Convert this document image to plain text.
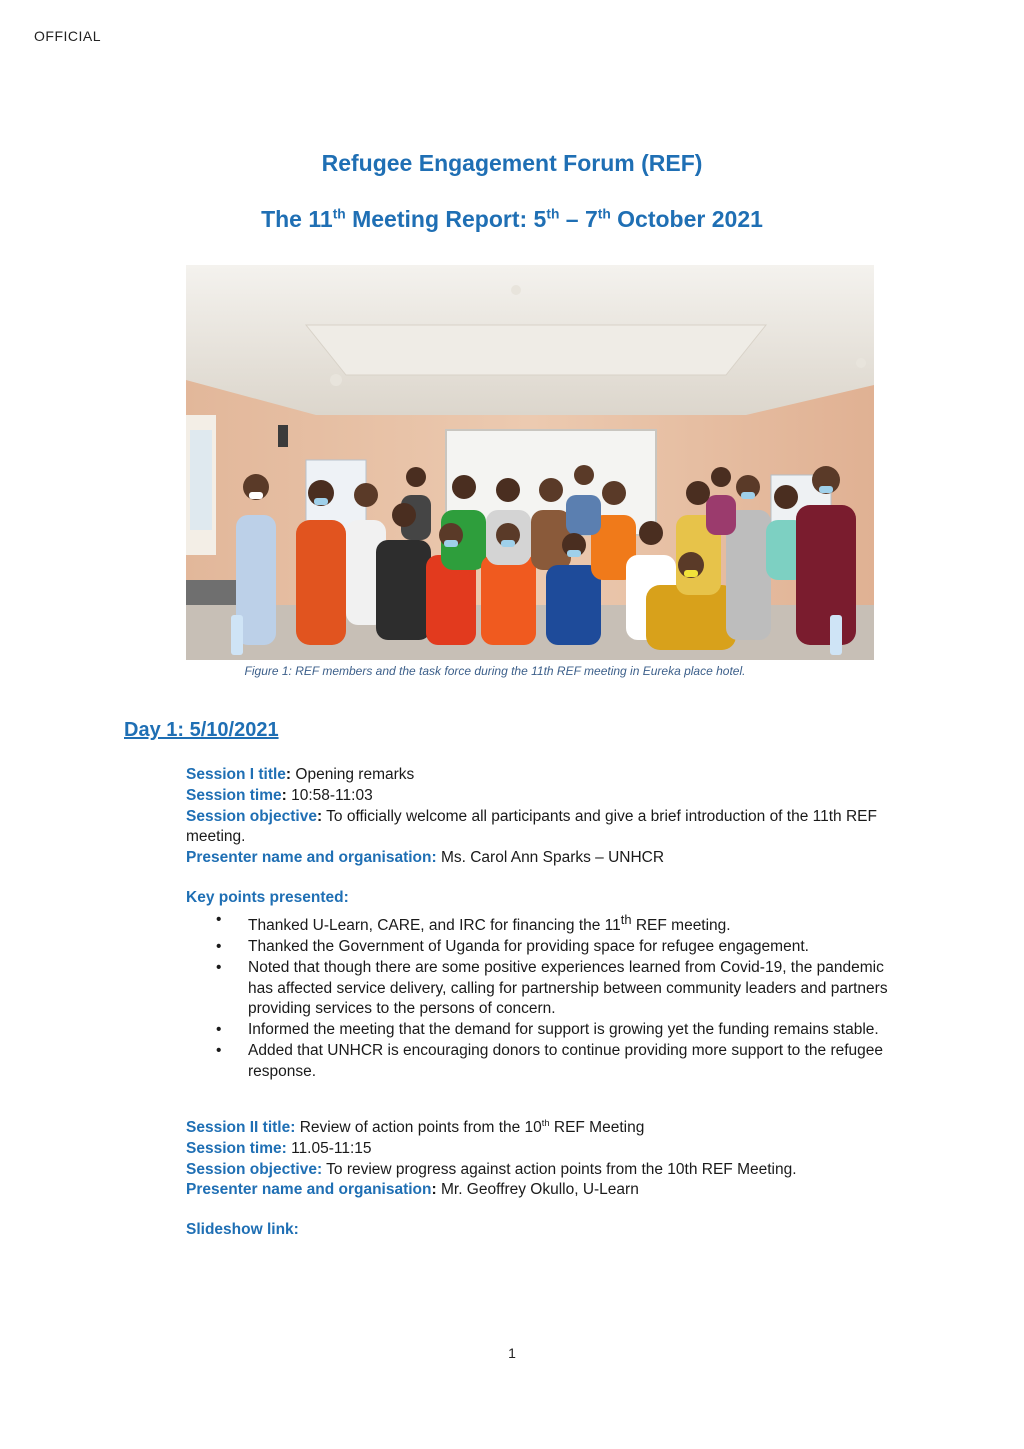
OFFICIAL
Refugee Engagement Forum (REF)
The 11th Meeting Report: 5th – 7th October 2021
Figure 1: REF members and the task force during the 11th REF meeting in Eureka place hotel.
Day 1: 5/10/2021
Session I title: Opening remarks
Session time: 10:58-11:03
Session objective: To officially welcome all participants and give a brief introduction of the 11th REF meeting.
Presenter name and organisation: Ms. Carol Ann Sparks – UNHCR
Key points presented:
• Thanked U-Learn, CARE, and IRC for financing the 11th REF meeting.
• Thanked the Government of Uganda for providing space for refugee engagement.
• Noted that though there are some positive experiences learned from Covid-19, the pandemic has affected service delivery, calling for partnership between community leaders and partners providing services to the persons of concern.
• Informed the meeting that the demand for support is growing yet the funding remains stable.
• Added that UNHCR is encouraging donors to continue providing more support to the refugee response.
Session II title: Review of action points from the 10th REF Meeting
Session time: 11.05-11:15
Session objective: To review progress against action points from the 10th REF Meeting.
Presenter name and organisation: Mr. Geoffrey Okullo, U-Learn
Slideshow link:
1
